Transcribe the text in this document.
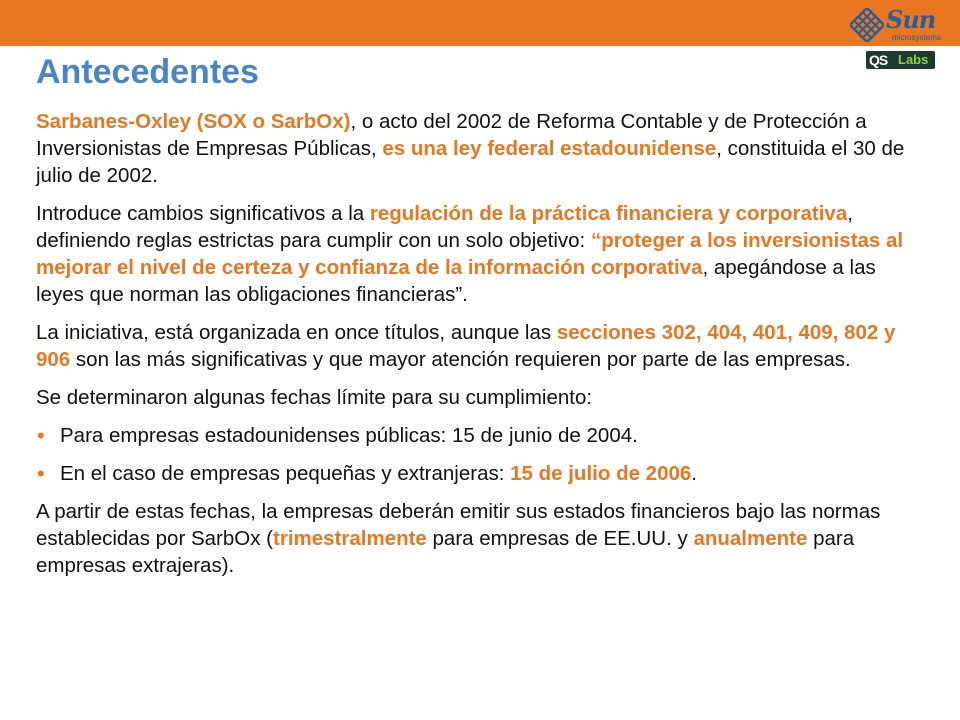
Sun
microsystems
QS Labs
Antecedentes

Sarbanes-Oxley (SOX o SarbOx), o acto del 2002 de Reforma Contable y de Protección a Inversionistas de Empresas Públicas, es una ley federal estadounidense, constituida el 30 de julio de 2002.

Introduce cambios significativos a la regulación de la práctica financiera y corporativa, definiendo reglas estrictas para cumplir con un solo objetivo: “proteger a los inversionistas al mejorar el nivel de certeza y confianza de la información corporativa, apegándose a las leyes que norman las obligaciones financieras”.

La iniciativa, está organizada en once títulos, aunque las secciones 302, 404, 401, 409, 802 y 906 son las más significativas y que mayor atención requieren por parte de las empresas.

Se determinaron algunas fechas límite para su cumplimiento:

• Para empresas estadounidenses públicas: 15 de junio de 2004.

• En el caso de empresas pequeñas y extranjeras: 15 de julio de 2006.

A partir de estas fechas, la empresas deberán emitir sus estados financieros bajo las normas establecidas por SarbOx (trimestralmente para empresas de EE.UU. y anualmente para empresas extrajeras).
